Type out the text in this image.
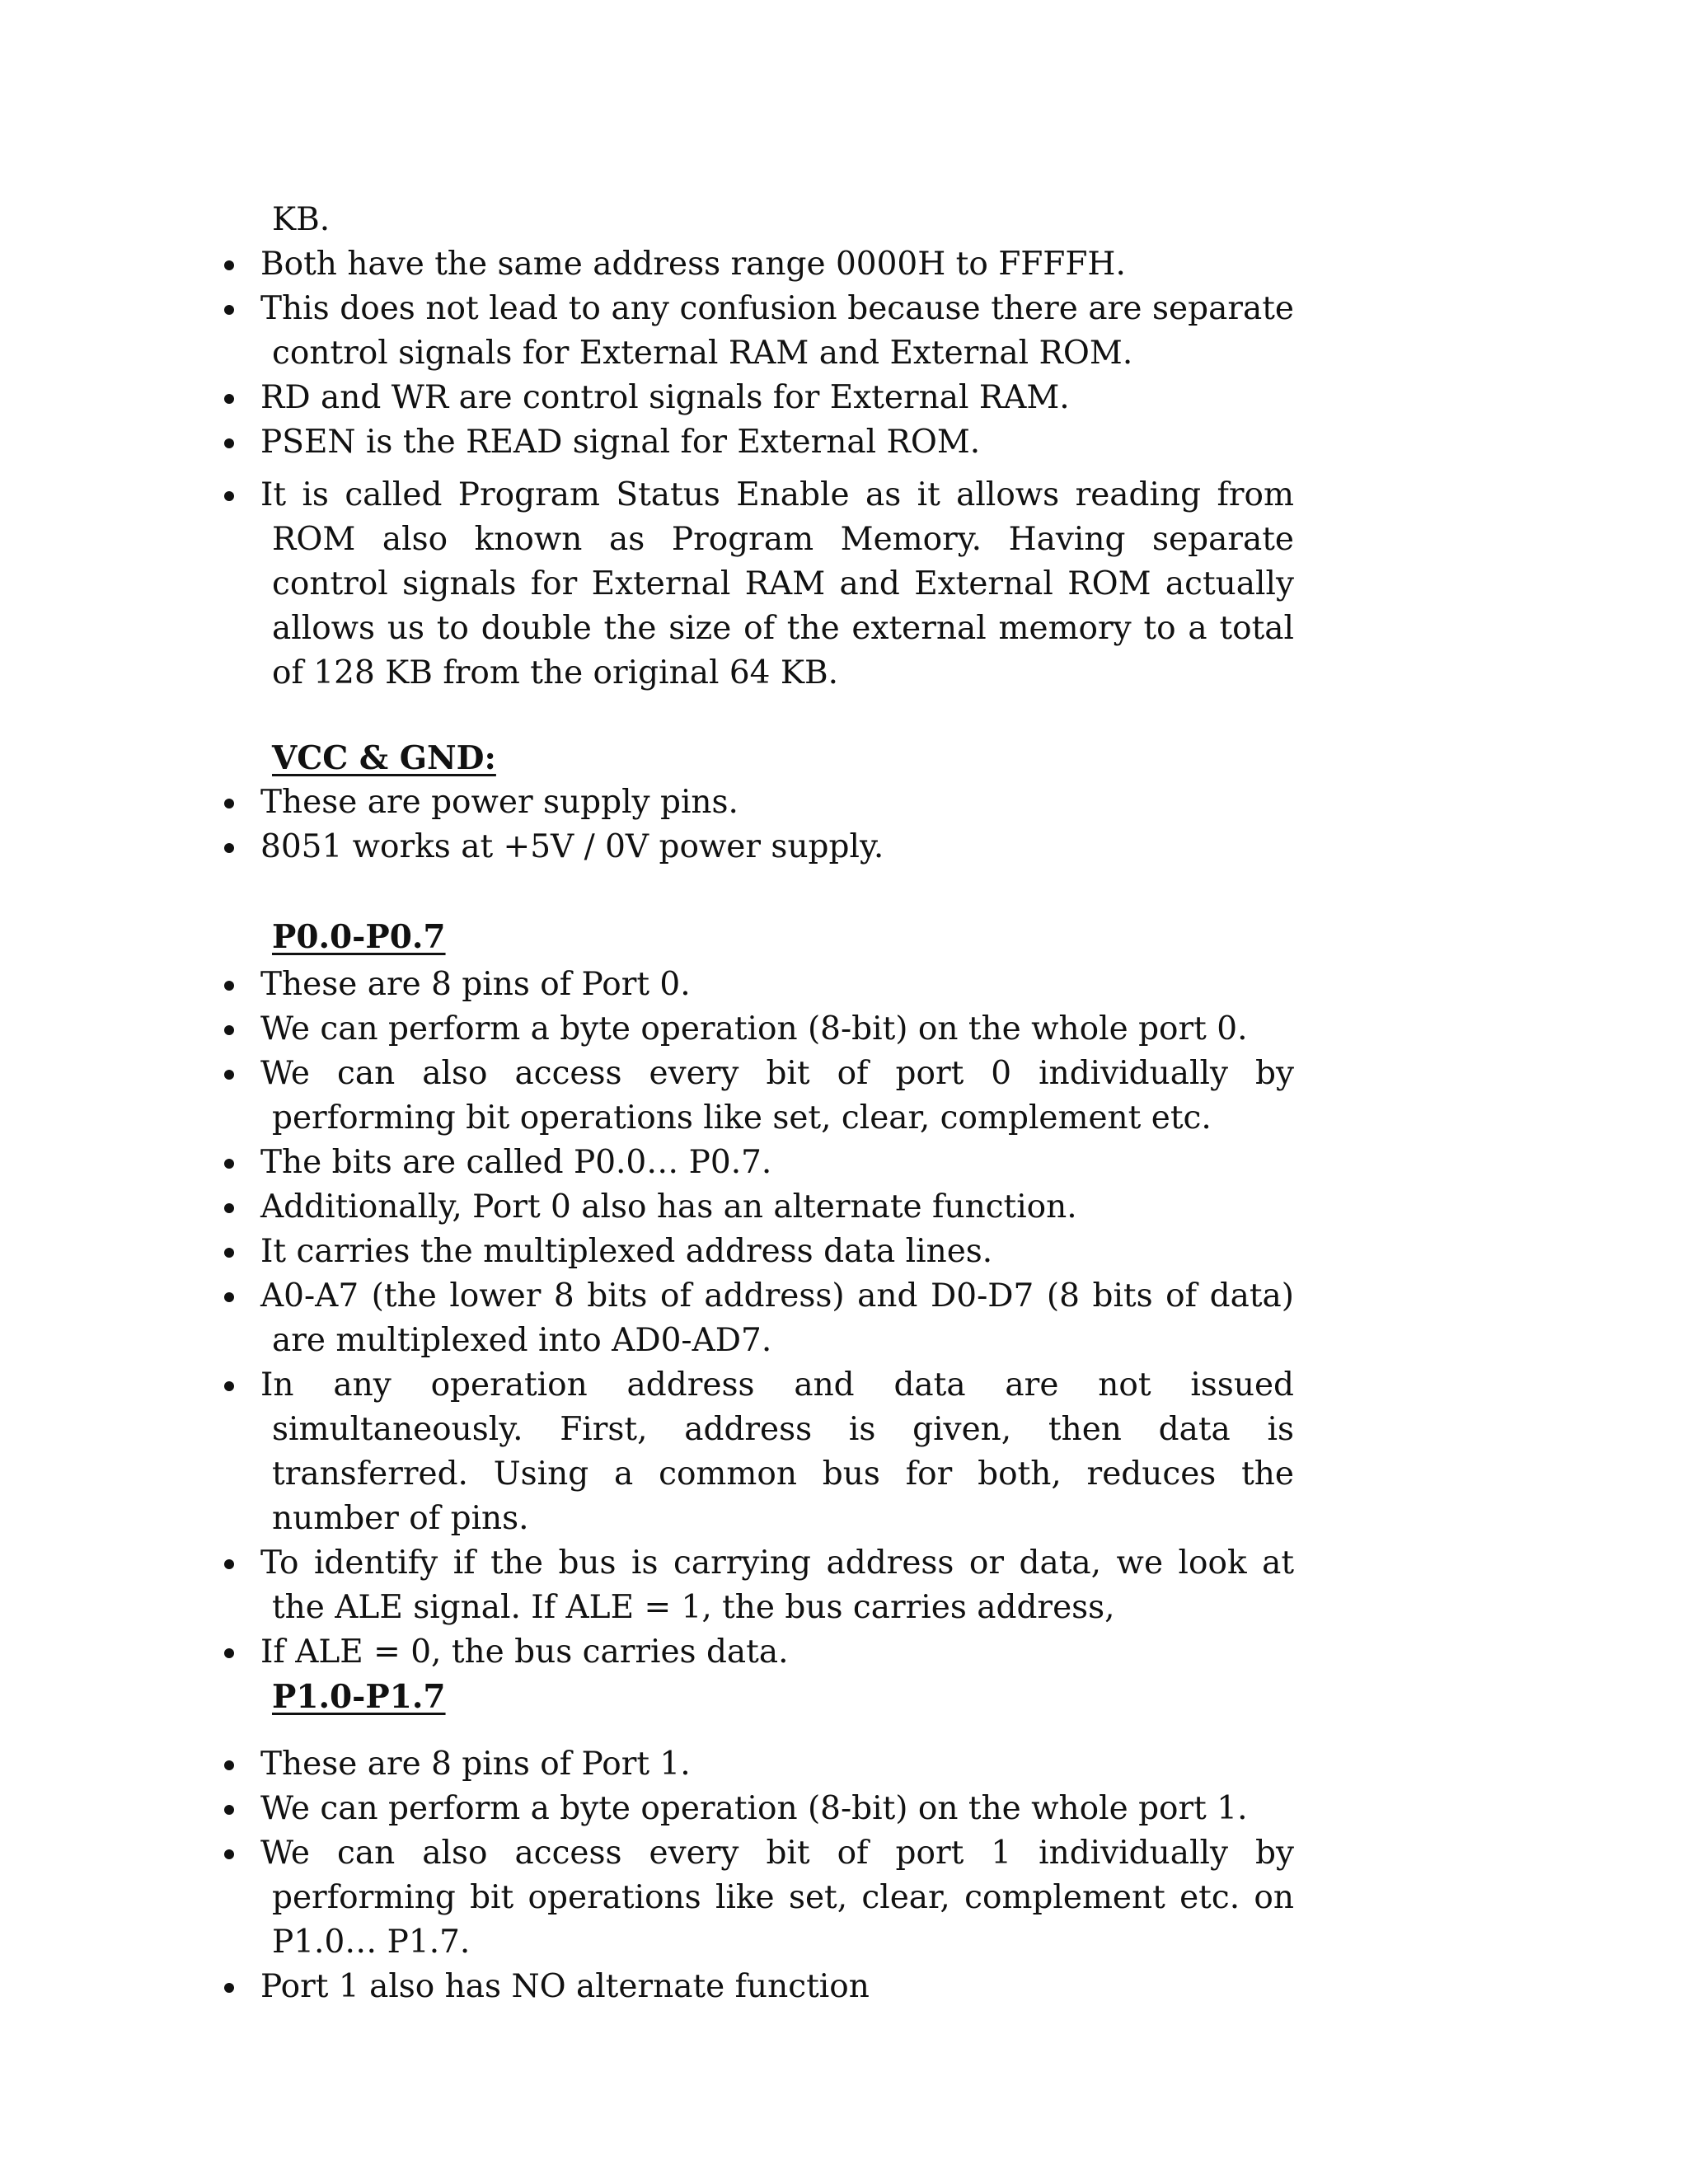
KB.
Both have the same address range 0000H to FFFFH.
This does not lead to any confusion because there are separate control signals for External RAM and External ROM.
RD and WR are control signals for External RAM.
PSEN is the READ signal for External ROM.
It is called Program Status Enable as it allows reading from ROM also known as Program Memory. Having separate control signals for External RAM and External ROM actually allows us to double the size of the external memory to a total of 128 KB from the original 64 KB.
VCC & GND:
These are power supply pins.
8051 works at +5V / 0V power supply.
P0.0-P0.7
These are 8 pins of Port 0.
We can perform a byte operation (8-bit) on the whole port 0.
We can also access every bit of port 0 individually by performing bit operations like set, clear, complement etc.
The bits are called P0.0… P0.7.
Additionally, Port 0 also has an alternate function.
It carries the multiplexed address data lines.
A0-A7 (the lower 8 bits of address) and D0-D7 (8 bits of data) are multiplexed into AD0-AD7.
In any operation address and data are not issued simultaneously. First, address is given, then data is transferred. Using a common bus for both, reduces the number of pins.
To identify if the bus is carrying address or data, we look at the ALE signal. If ALE = 1, the bus carries address,
If ALE = 0, the bus carries data.
P1.0-P1.7
These are 8 pins of Port 1.
We can perform a byte operation (8-bit) on the whole port 1.
We can also access every bit of port 1 individually by performing bit operations like set, clear, complement etc. on P1.0… P1.7.
Port 1 also has NO alternate function
